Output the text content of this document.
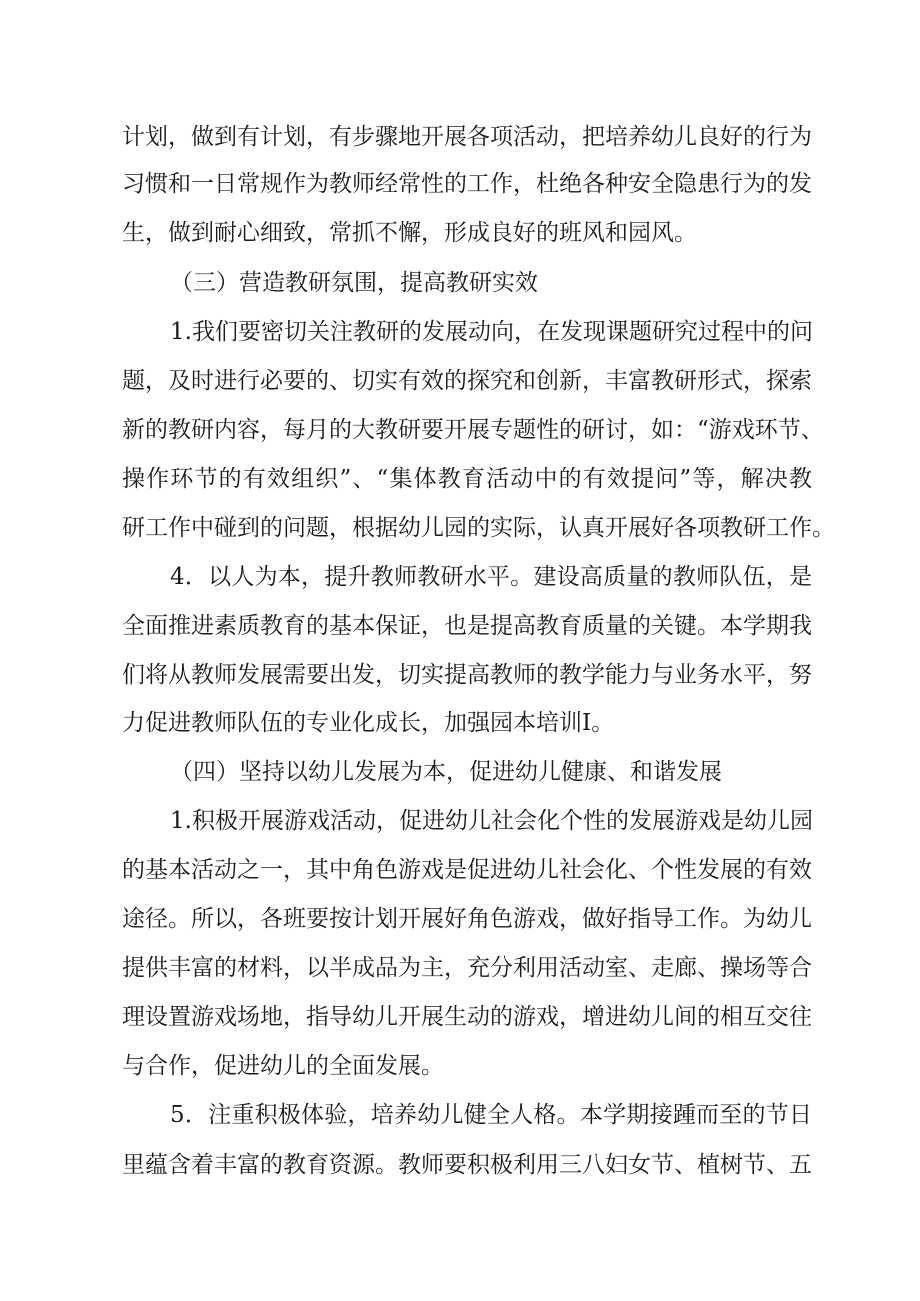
计划，做到有计划，有步骤地开展各项活动，把培养幼儿良好的行为
习惯和一日常规作为教师经常性的工作，杜绝各种安全隐患行为的发
生，做到耐心细致，常抓不懈，形成良好的班风和园风。
（三）营造教研氛围，提高教研实效
1.我们要密切关注教研的发展动向，在发现课题研究过程中的问
题，及时进行必要的、切实有效的探究和创新，丰富教研形式，探索
新的教研内容，每月的大教研要开展专题性的研讨，如：“游戏环节、
操作环节的有效组织”、“集体教育活动中的有效提问”等，解决教
研工作中碰到的问题，根据幼儿园的实际，认真开展好各项教研工作。
4．以人为本，提升教师教研水平。建设高质量的教师队伍，是
全面推进素质教育的基本保证，也是提高教育质量的关键。本学期我
们将从教师发展需要出发，切实提高教师的教学能力与业务水平，努
力促进教师队伍的专业化成长，加强园本培训I。
（四）坚持以幼儿发展为本，促进幼儿健康、和谐发展
1.积极开展游戏活动，促进幼儿社会化个性的发展游戏是幼儿园
的基本活动之一，其中角色游戏是促进幼儿社会化、个性发展的有效
途径。所以，各班要按计划开展好角色游戏，做好指导工作。为幼儿
提供丰富的材料，以半成品为主，充分利用活动室、走廊、操场等合
理设置游戏场地，指导幼儿开展生动的游戏，增进幼儿间的相互交往
与合作，促进幼儿的全面发展。
5．注重积极体验，培养幼儿健全人格。本学期接踵而至的节日
里蕴含着丰富的教育资源。教师要积极利用三八妇女节、植树节、五
